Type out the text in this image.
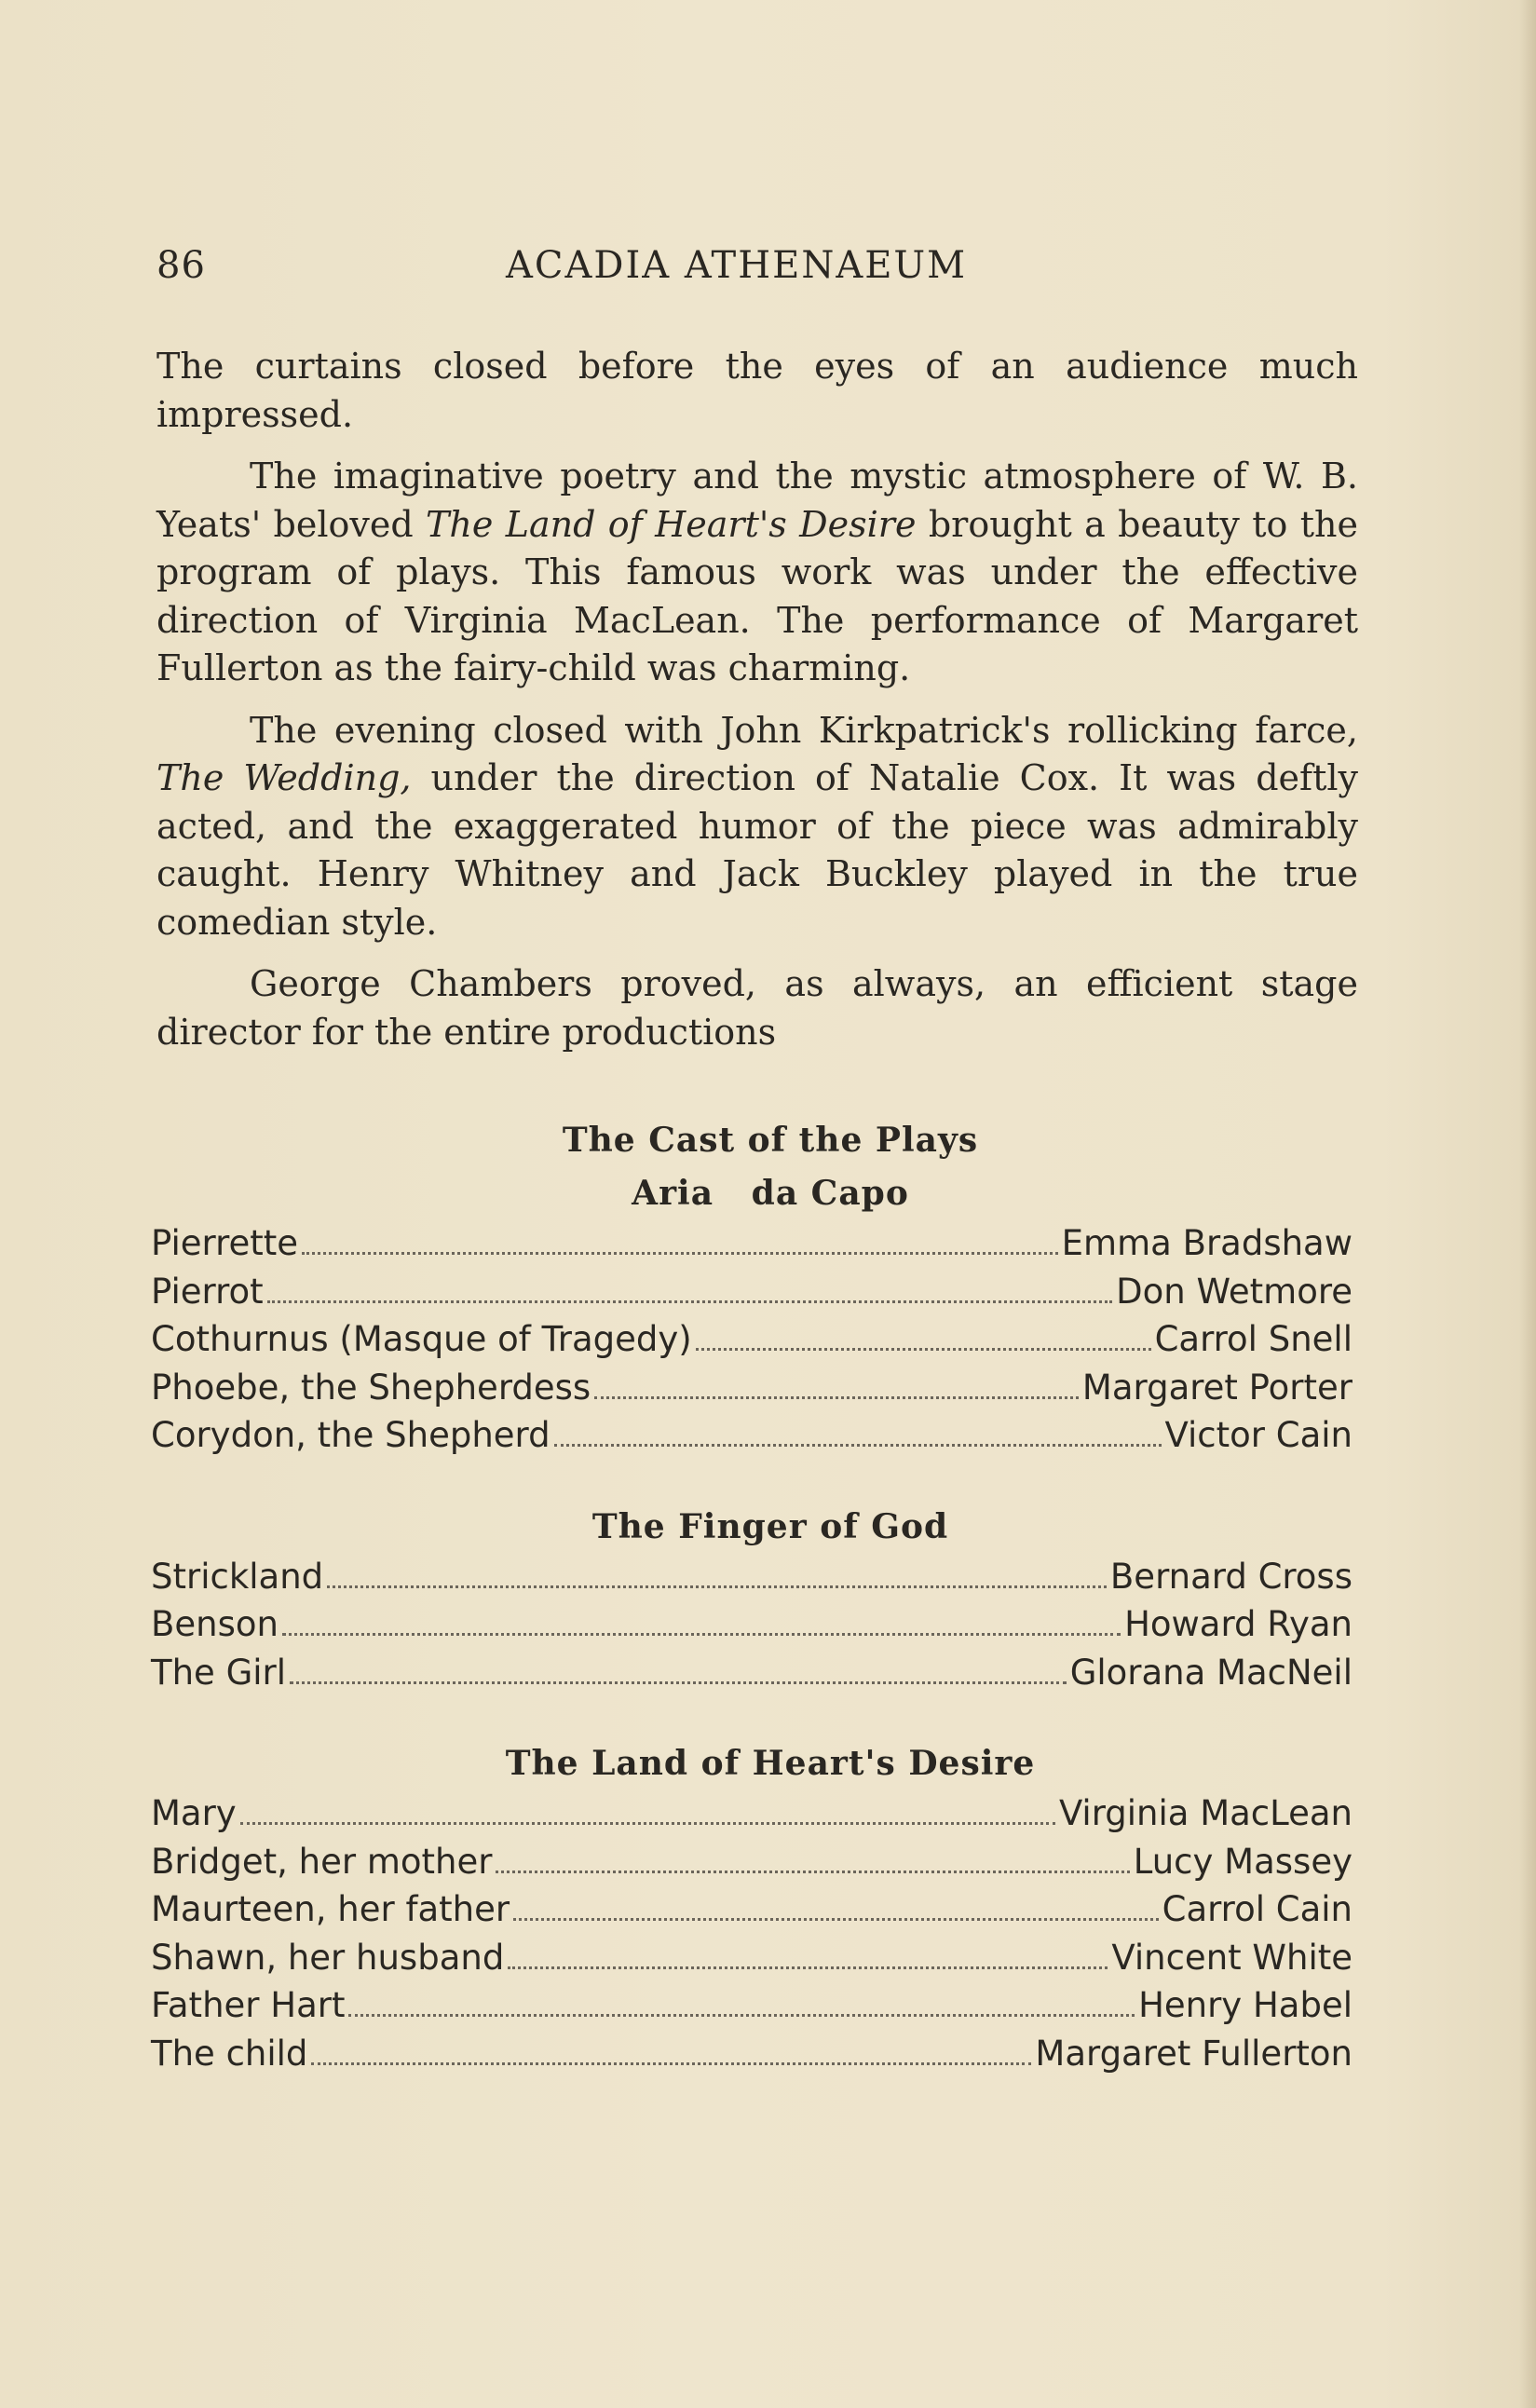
86	ACADIA ATHENAEUM

The curtains closed before the eyes of an audience much impressed.

The imaginative poetry and the mystic atmosphere of W. B. Yeats' beloved The Land of Heart's Desire brought a beauty to the program of plays. This famous work was under the effective direction of Virginia MacLean. The performance of Margaret Fullerton as the fairy-child was charming.

The evening closed with John Kirkpatrick's rollicking farce, The Wedding, under the direction of Natalie Cox. It was deftly acted, and the exaggerated humor of the piece was admirably caught. Henry Whitney and Jack Buckley played in the true comedian style.

George Chambers proved, as always, an efficient stage director for the entire productions

The Cast of the Plays
Aria   da Capo
Pierrette	Emma Bradshaw
Pierrot	Don Wetmore
Cothurnus (Masque of Tragedy)	Carrol Snell
Phoebe, the Shepherdess	Margaret Porter
Corydon, the Shepherd	Victor Cain
The Finger of God
Strickland	Bernard Cross
Benson	Howard Ryan
The Girl	Glorana MacNeil
The Land of Heart's Desire
Mary	Virginia MacLean
Bridget, her mother	Lucy Massey
Maurteen, her father	Carrol Cain
Shawn, her husband	Vincent White
Father Hart	Henry Habel
The child	Margaret Fullerton
